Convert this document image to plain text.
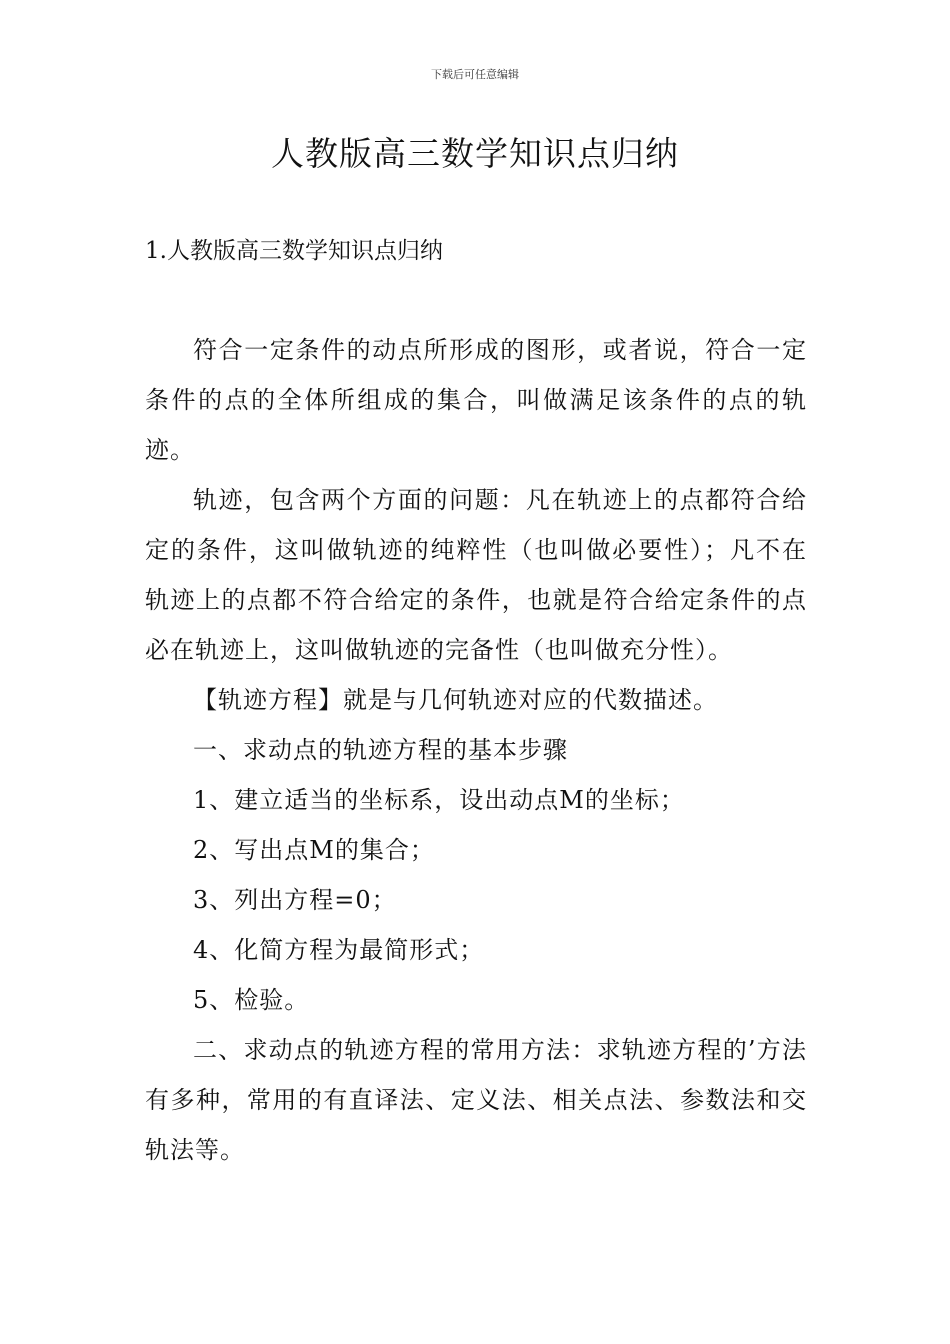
下载后可任意编辑
人教版高三数学知识点归纳
1.人教版高三数学知识点归纳

符合一定条件的动点所形成的图形，或者说，符合一定条件的点的全体所组成的集合，叫做满足该条件的点的轨迹。

轨迹，包含两个方面的问题：凡在轨迹上的点都符合给定的条件，这叫做轨迹的纯粹性（也叫做必要性）；凡不在轨迹上的点都不符合给定的条件，也就是符合给定条件的点必在轨迹上，这叫做轨迹的完备性（也叫做充分性）。

【轨迹方程】就是与几何轨迹对应的代数描述。

一、求动点的轨迹方程的基本步骤

1、建立适当的坐标系，设出动点M的坐标；

2、写出点M的集合；

3、列出方程=0；

4、化简方程为最简形式；

5、检验。

二、求动点的轨迹方程的常用方法：求轨迹方程的’方法有多种，常用的有直译法、定义法、相关点法、参数法和交轨法等。
